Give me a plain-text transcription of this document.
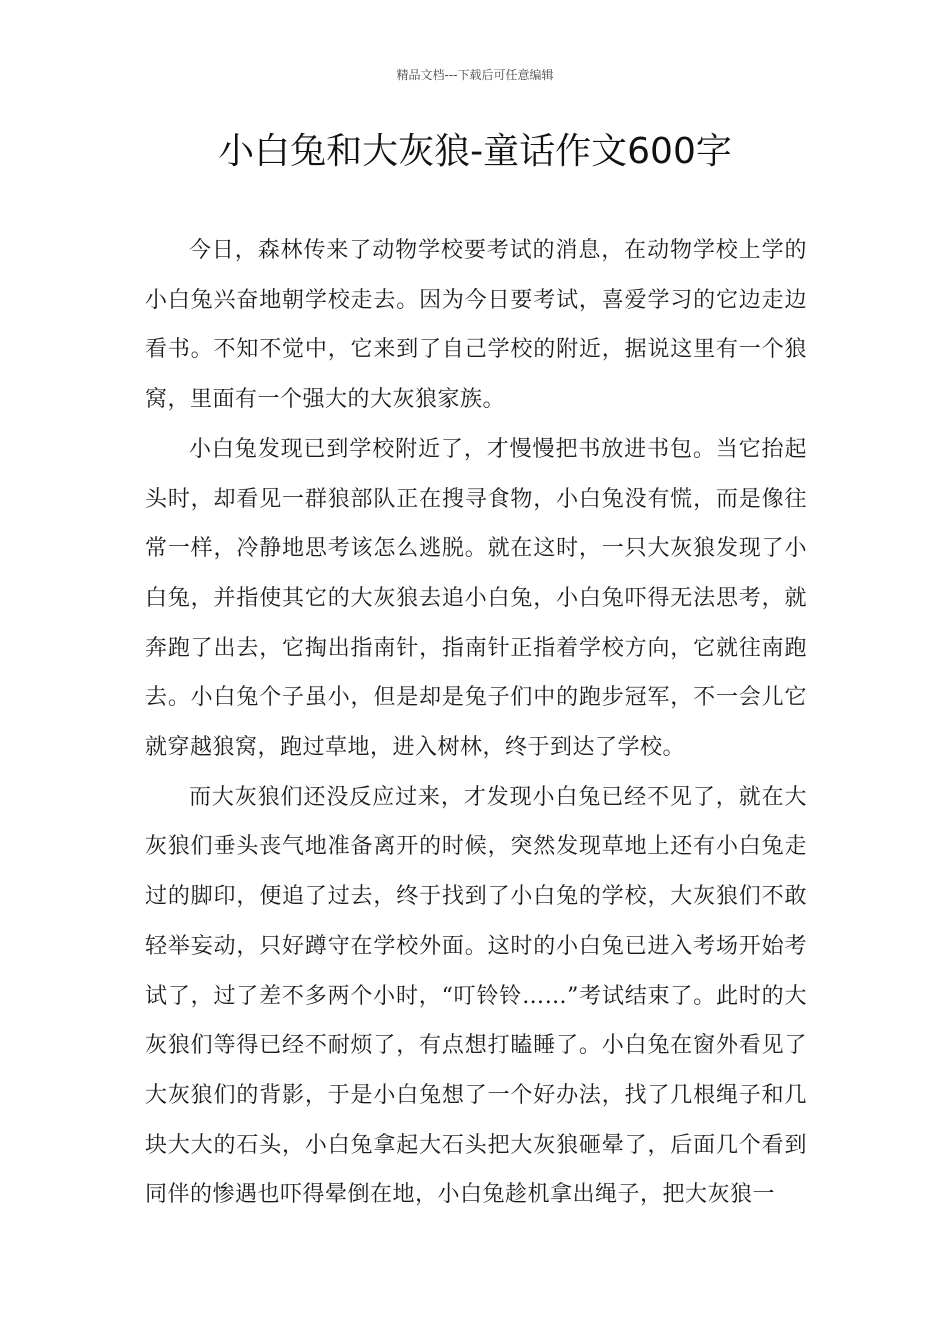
精品文档---下载后可任意编辑
小白兔和大灰狼-童话作文600字

今日，森林传来了动物学校要考试的消息，在动物学校上学的小白兔兴奋地朝学校走去。因为今日要考试，喜爱学习的它边走边看书。不知不觉中，它来到了自己学校的附近，据说这里有一个狼窝，里面有一个强大的大灰狼家族。

小白兔发现已到学校附近了，才慢慢把书放进书包。当它抬起头时，却看见一群狼部队正在搜寻食物，小白兔没有慌，而是像往常一样，冷静地思考该怎么逃脱。就在这时，一只大灰狼发现了小白兔，并指使其它的大灰狼去追小白兔，小白兔吓得无法思考，就奔跑了出去，它掏出指南针，指南针正指着学校方向，它就往南跑去。小白兔个子虽小，但是却是兔子们中的跑步冠军，不一会儿它就穿越狼窝，跑过草地，进入树林，终于到达了学校。

而大灰狼们还没反应过来，才发现小白兔已经不见了，就在大灰狼们垂头丧气地准备离开的时候，突然发现草地上还有小白兔走过的脚印，便追了过去，终于找到了小白兔的学校，大灰狼们不敢轻举妄动，只好蹲守在学校外面。这时的小白兔已进入考场开始考试了，过了差不多两个小时，“叮铃铃……”考试结束了。此时的大灰狼们等得已经不耐烦了，有点想打瞌睡了。小白兔在窗外看见了大灰狼们的背影，于是小白兔想了一个好办法，找了几根绳子和几块大大的石头，小白兔拿起大石头把大灰狼砸晕了，后面几个看到同伴的惨遇也吓得晕倒在地，小白兔趁机拿出绳子，把大灰狼一
